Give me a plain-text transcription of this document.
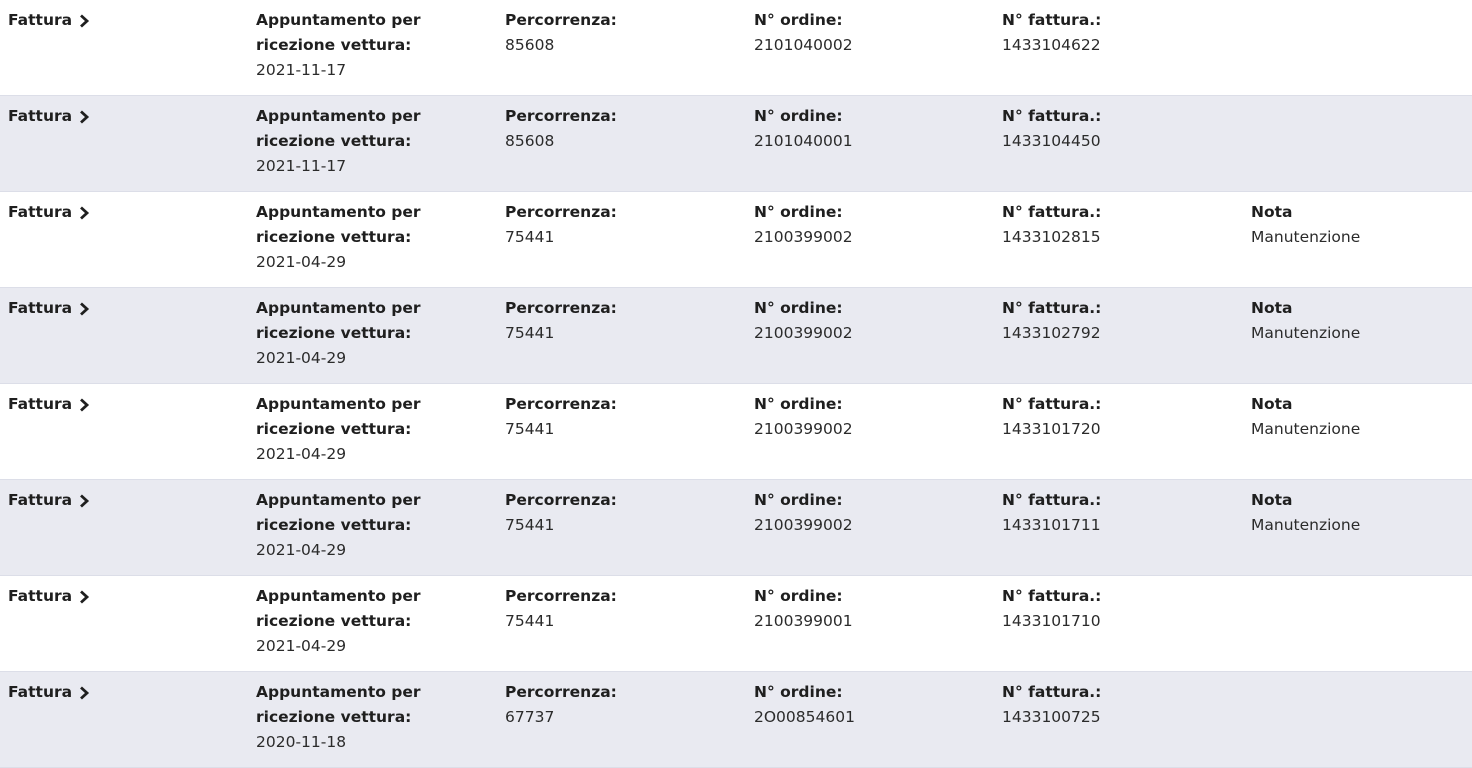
Fattura	Appuntamento per ricezione vettura:
2021-11-17
Percorrenza:
85608
N° ordine:
2101040002
N° fattura.:
1433104622
Fattura	Appuntamento per ricezione vettura:
2021-11-17
Percorrenza:
85608
N° ordine:
2101040001
N° fattura.:
1433104450
Fattura	Appuntamento per ricezione vettura:
2021-04-29
Percorrenza:
75441
N° ordine:
2100399002
N° fattura.:
1433102815
Nota
Manutenzione
Fattura	Appuntamento per ricezione vettura:
2021-04-29
Percorrenza:
75441
N° ordine:
2100399002
N° fattura.:
1433102792
Nota
Manutenzione
Fattura	Appuntamento per ricezione vettura:
2021-04-29
Percorrenza:
75441
N° ordine:
2100399002
N° fattura.:
1433101720
Nota
Manutenzione
Fattura	Appuntamento per ricezione vettura:
2021-04-29
Percorrenza:
75441
N° ordine:
2100399002
N° fattura.:
1433101711
Nota
Manutenzione
Fattura	Appuntamento per ricezione vettura:
2021-04-29
Percorrenza:
75441
N° ordine:
2100399001
N° fattura.:
1433101710
Fattura	Appuntamento per ricezione vettura:
2020-11-18
Percorrenza:
67737
N° ordine:
2O00854601
N° fattura.:
1433100725
